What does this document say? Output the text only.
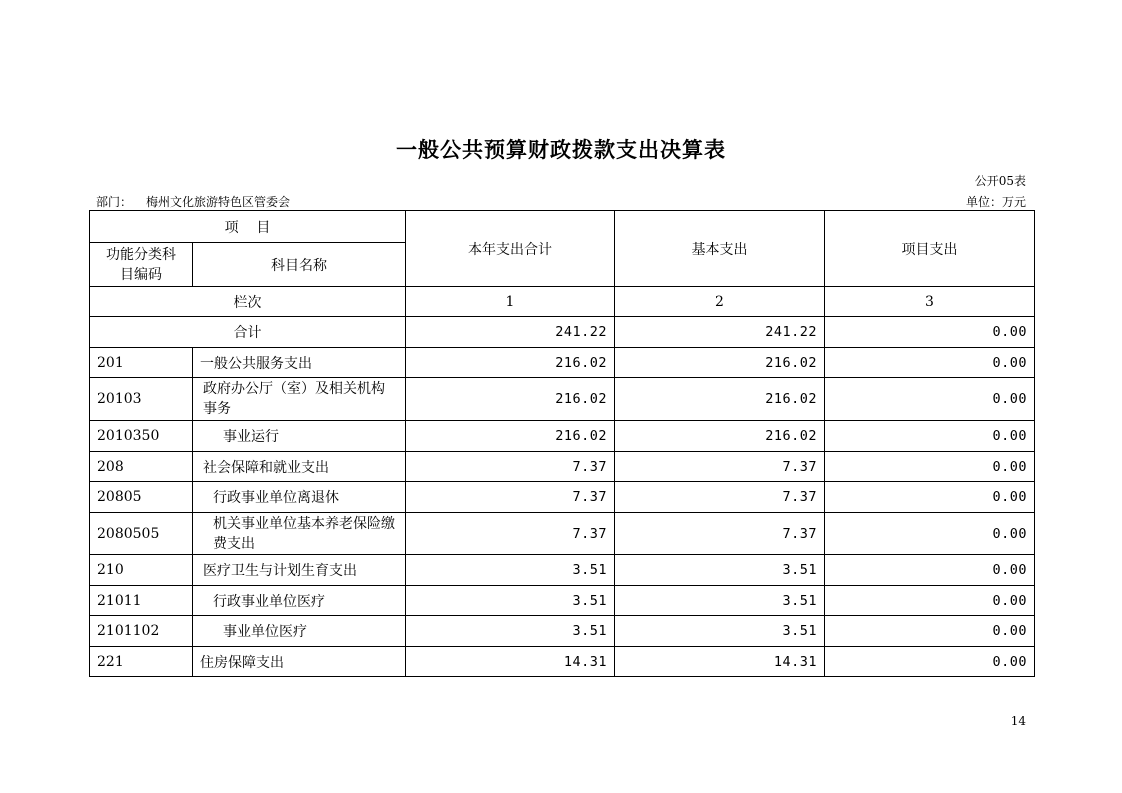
一般公共预算财政拨款支出决算表
公开05表
部门： 梅州文化旅游特色区管委会	单位：万元
项    目		本年支出合计	基本支出	项目支出
功能分类科目编码	科目名称			
栏次		1	2	3
合计		241.22	241.22	0.00
201	一般公共服务支出	216.02	216.02	0.00
20103	政府办公厅（室）及相关机构事务	216.02	216.02	0.00
2010350	事业运行	216.02	216.02	0.00
208	社会保障和就业支出	7.37	7.37	0.00
20805	行政事业单位离退休	7.37	7.37	0.00
2080505	机关事业单位基本养老保险缴费支出	7.37	7.37	0.00
210	医疗卫生与计划生育支出	3.51	3.51	0.00
21011	行政事业单位医疗	3.51	3.51	0.00
2101102	事业单位医疗	3.51	3.51	0.00
221	住房保障支出	14.31	14.31	0.00
14
